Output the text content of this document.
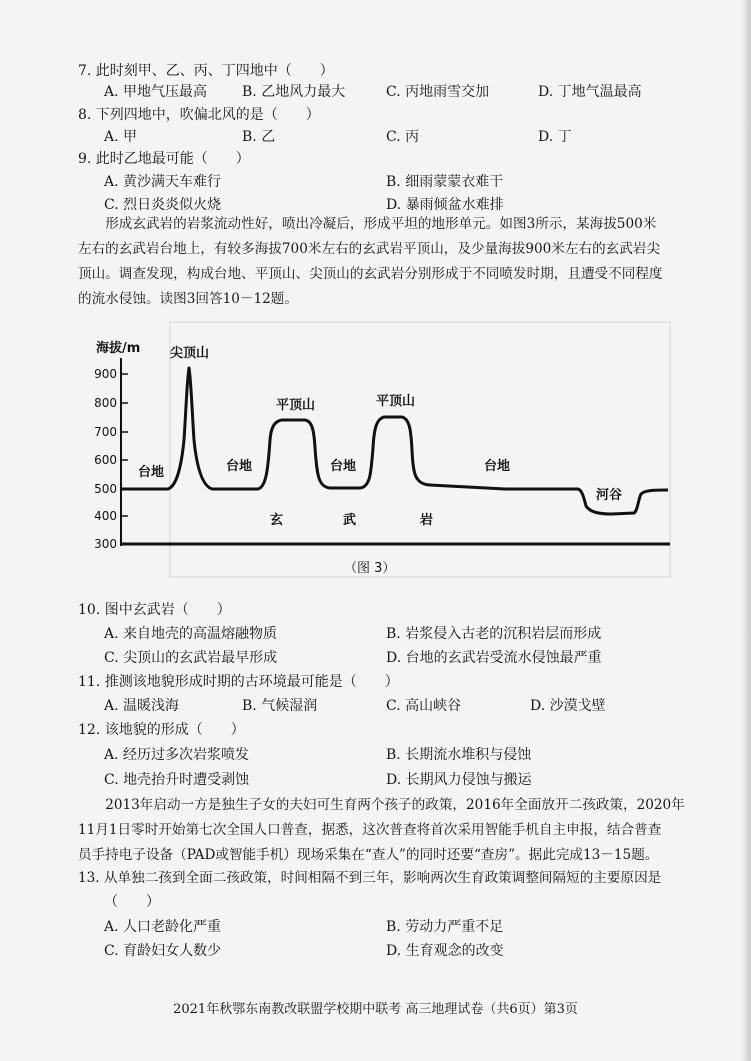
7. 此时刻甲、乙、丙、丁四地中（　　）
A. 甲地气压最高 B. 乙地风力最大	C. 丙地雨雪交加	D. 丁地气温最高
8. 下列四地中，吹偏北风的是（　　）
A. 甲	B. 乙	C. 丙	D. 丁
9. 此时乙地最可能（　　）
A. 黄沙满天车难行	B. 细雨蒙蒙衣难干
C. 烈日炎炎似火烧	D. 暴雨倾盆水难排
形成玄武岩的岩浆流动性好，喷出冷凝后，形成平坦的地形单元。如图3所示，某海拔500米
左右的玄武岩台地上，有较多海拔700米左右的玄武岩平顶山，及少量海拔900米左右的玄武岩尖
顶山。调查发现，构成台地、平顶山、尖顶山的玄武岩分别形成于不同喷发时期，且遭受不同程度
的流水侵蚀。读图3回答10－12题。
900
800
700
600
500
400
300
海拔/m 尖顶山
平顶山	平顶山
台地	台地	台地	台地
河谷
玄	武	岩
（图 3）
10. 图中玄武岩（　　）
A. 来自地壳的高温熔融物质	B. 岩浆侵入古老的沉积岩层而形成
C. 尖顶山的玄武岩最早形成	D. 台地的玄武岩受流水侵蚀最严重
11. 推测该地貌形成时期的古环境最可能是（　　）
A. 温暖浅海	B. 气候湿润	C. 高山峡谷	D. 沙漠戈壁
12. 该地貌的形成（　　）
A. 经历过多次岩浆喷发	B. 长期流水堆积与侵蚀
C. 地壳抬升时遭受剥蚀	D. 长期风力侵蚀与搬运
2013年启动一方是独生子女的夫妇可生育两个孩子的政策，2016年全面放开二孩政策，2020年
11月1日零时开始第七次全国人口普查，据悉，这次普查将首次采用智能手机自主申报，结合普查
员手持电子设备（PAD或智能手机）现场采集在“查人”的同时还要“查房”。据此完成13－15题。
13. 从单独二孩到全面二孩政策，时间相隔不到三年，影响两次生育政策调整间隔短的主要原因是
（　　）
A. 人口老龄化严重	B. 劳动力严重不足
C. 育龄妇女人数少	D. 生育观念的改变
2021年秋鄂东南教改联盟学校期中联考 高三地理试卷（共6页）第3页
